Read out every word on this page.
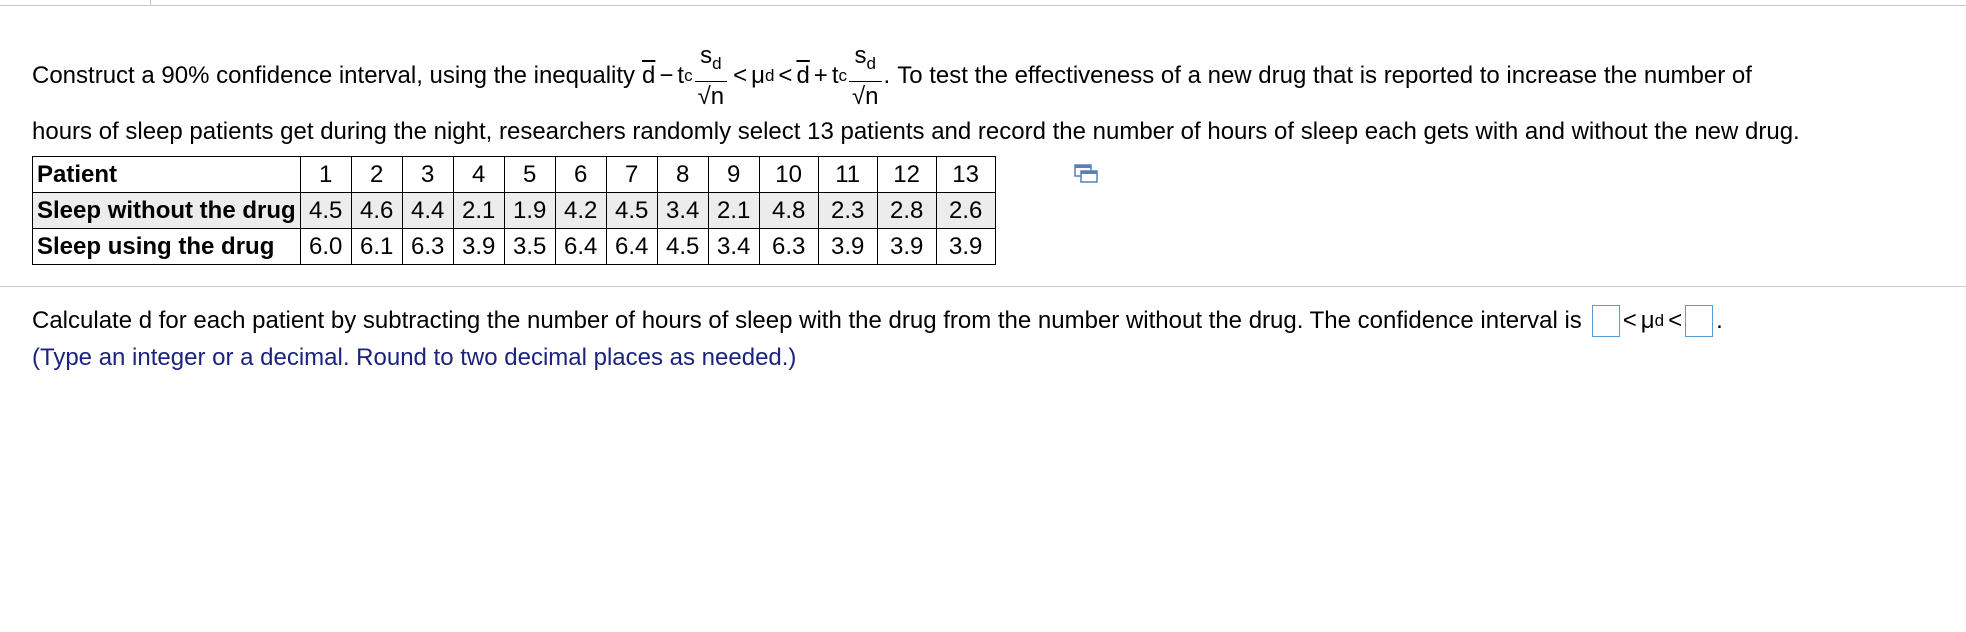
Construct a 90% confidence interval, using the inequality $\overline{d} - t$ c $\frac{s_d}{√n} < \mu$ $d < \overline{d} + t$ c $\frac{s_d}{√n}$ . To test the effectiveness of a new drug that is reported to increase the number of
hours of sleep patients get during the night, researchers randomly select 13 patients and record the number of hours of sleep each gets with and without the new drug.
Patient	1	2	3	4	5	6	7	8	9	10	11	12	13
Sleep without the drug	4.5	4.6	4.4	2.1	1.9	4.2	4.5	3.4	2.1	4.8	2.3	2.8	2.6
Sleep using the drug	6.0	6.1	6.3	3.9	3.5	6.4	6.4	4.5	3.4	6.3	3.9	3.9	3.9
Calculate d for each patient by subtracting the number of hours of sleep with the drug from the number without the drug. The confidence interval is < μ d < .
(Type an integer or a decimal. Round to two decimal places as needed.)
